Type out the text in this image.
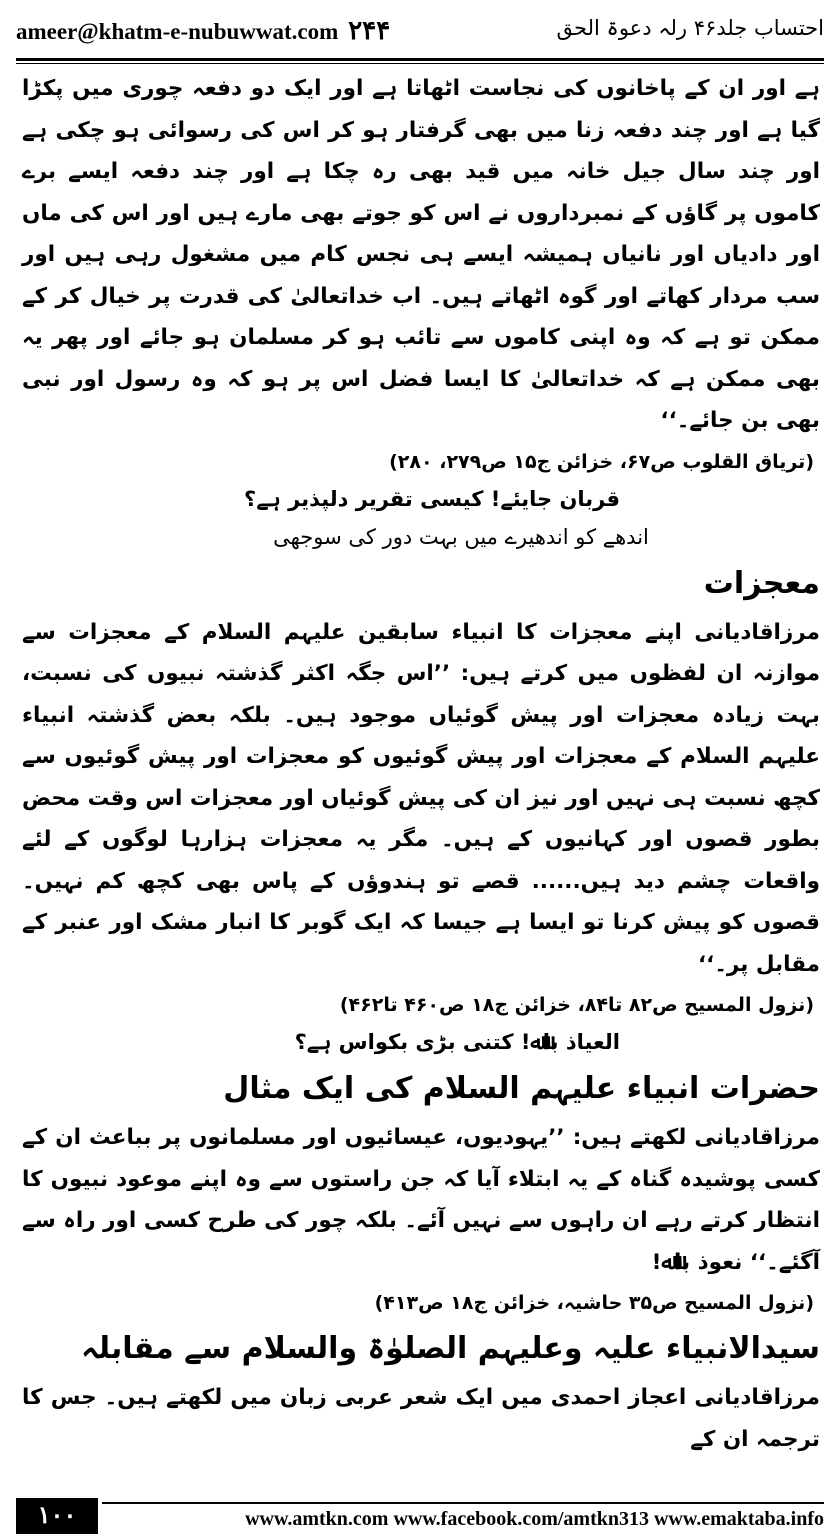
ameer@khatm-e-nubuwwat.com ۲۴۴	احتساب جلد۴۶ رلہ دعوۃ الحق

ہے اور ان کے پاخانوں کی نجاست اٹھاتا ہے اور ایک دو دفعہ چوری میں پکڑا گیا ہے اور چند دفعہ زنا میں بھی گرفتار ہو کر اس کی رسوائی ہو چکی ہے اور چند سال جیل خانہ میں قید بھی رہ چکا ہے اور چند دفعہ ایسے برے کاموں پر گاؤں کے نمبرداروں نے اس کو جوتے بھی مارے ہیں اور اس کی ماں اور دادیاں اور نانیاں ہمیشہ ایسے ہی نجس کام میں مشغول رہی ہیں اور سب مردار کھاتے اور گوہ اٹھاتے ہیں۔ اب خداتعالیٰ کی قدرت پر خیال کر کے ممکن تو ہے کہ وہ اپنی کاموں سے تائب ہو کر مسلمان ہو جائے اور پھر یہ بھی ممکن ہے کہ خداتعالیٰ کا ایسا فضل اس پر ہو کہ وہ رسول اور نبی بھی بن جائے۔‘‘

(تریاق القلوب ص۶۷، خزائن ج۱۵ ص۲۷۹، ۲۸۰)

قربان جایئے! کیسی تقریر دلپذیر ہے؟

اندھے کو اندھیرے میں بہت دور کی سوجھی

معجزات

مرزاقادیانی اپنے معجزات کا انبیاء سابقین علیہم السلام کے معجزات سے موازنہ ان لفظوں میں کرتے ہیں: ’’اس جگہ اکثر گذشتہ نبیوں کی نسبت، بہت زیادہ معجزات اور پیش گوئیاں موجود ہیں۔ بلکہ بعض گذشتہ انبیاء علیہم السلام کے معجزات اور پیش گوئیوں کو معجزات اور پیش گوئیوں سے کچھ نسبت ہی نہیں اور نیز ان کی پیش گوئیاں اور معجزات اس وقت محض بطور قصوں اور کہانیوں کے ہیں۔ مگر یہ معجزات ہزارہا لوگوں کے لئے واقعات چشم دید ہیں...... قصے تو ہندوؤں کے پاس بھی کچھ کم نہیں۔ قصوں کو پیش کرنا تو ایسا ہے جیسا کہ ایک گوبر کا انبار مشک اور عنبر کے مقابل پر۔‘‘

(نزول المسیح ص۸۲ تا۸۴، خزائن ج۱۸ ص۴۶۰ تا۴۶۲)

العیاذ باﷲ! کتنی بڑی بکواس ہے؟

حضرات انبیاء علیہم السلام کی ایک مثال

مرزاقادیانی لکھتے ہیں: ’’یہودیوں، عیسائیوں اور مسلمانوں پر بباعث ان کے کسی پوشیدہ گناہ کے یہ ابتلاء آیا کہ جن راستوں سے وہ اپنے موعود نبیوں کا انتظار کرتے رہے ان راہوں سے نہیں آئے۔ بلکہ چور کی طرح کسی اور راہ سے آگئے۔‘‘ نعوذ باﷲ!

(نزول المسیح ص۳۵ حاشیہ، خزائن ج۱۸ ص۴۱۳)

سیدالانبیاء علیہ وعلیہم الصلوٰۃ والسلام سے مقابلہ

مرزاقادیانی اعجاز احمدی میں ایک شعر عربی زبان میں لکھتے ہیں۔ جس کا ترجمہ ان کے

۱۰۰	www.amtkn.com www.facebook.com/amtkn313 www.emaktaba.info
